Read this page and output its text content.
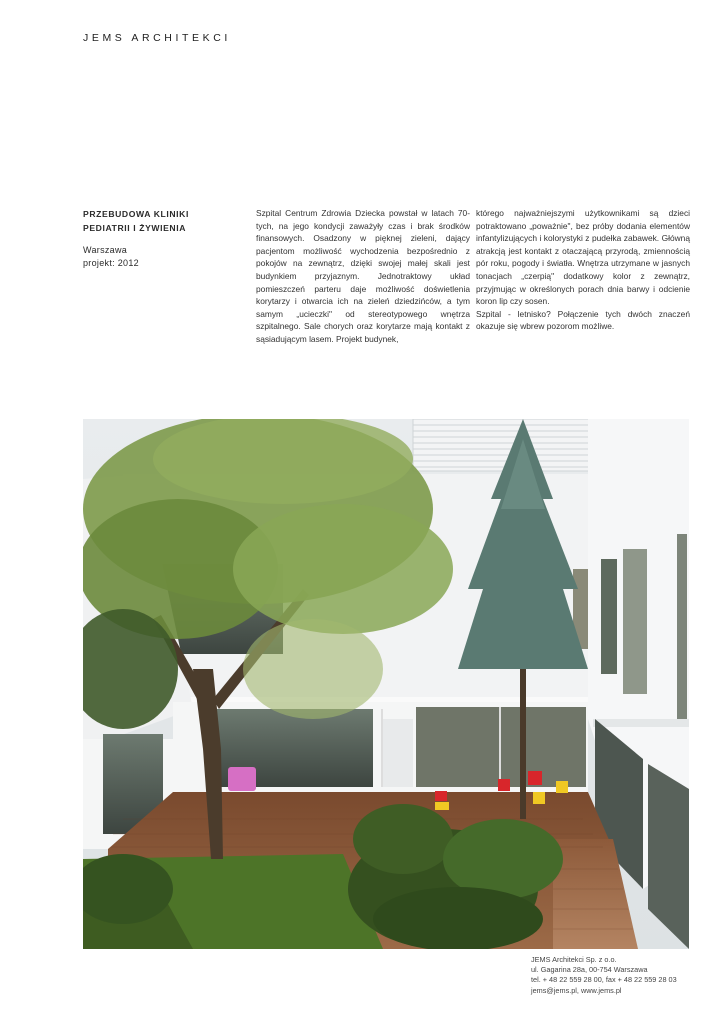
JEMS ARCHITEKCI
PRZEBUDOWA KLINIKI
PEDIATRII I ŻYWIENIA
Warszawa
projekt: 2012

Szpital Centrum Zdrowia Dziecka powstał w latach 70-tych, na jego kondycji zaważyły czas i brak środków finansowych. Osadzony w pięknej zieleni, dający pacjentom możliwość wychodzenia bezpośrednio z pokojów na zewnątrz, dzięki swojej małej skali jest budynkiem przyjaznym. Jednotraktowy układ pomieszczeń parteru daje możliwość doświetlenia korytarzy i otwarcia ich na zieleń dziedzińców, a tym samym „ucieczki" od stereotypowego wnętrza szpitalnego. Sale chorych oraz korytarze mają kontakt z sąsiadującym lasem. Projekt budynek,

którego najważniejszymi użytkownikami są dzieci potraktowano „poważnie", bez próby dodania elementów infantylizujących i kolorystyki z pudełka zabawek. Główną atrakcją jest kontakt z otaczającą przyrodą, zmiennością pór roku, pogody i światła. Wnętrza utrzymane w jasnych tonacjach „czerpią" dodatkowy kolor z zewnątrz, przyjmując w określonych porach dnia barwy i odcienie koron lip czy sosen.

Szpital - letnisko? Połączenie tych dwóch znaczeń okazuje się wbrew pozorom możliwe.

JEMS Architekci Sp. z o.o.
ul. Gagarina 28a, 00-754 Warszawa
tel. + 48 22 559 28 00, fax + 48 22 559 28 03
jems@jems.pl, www.jems.pl
